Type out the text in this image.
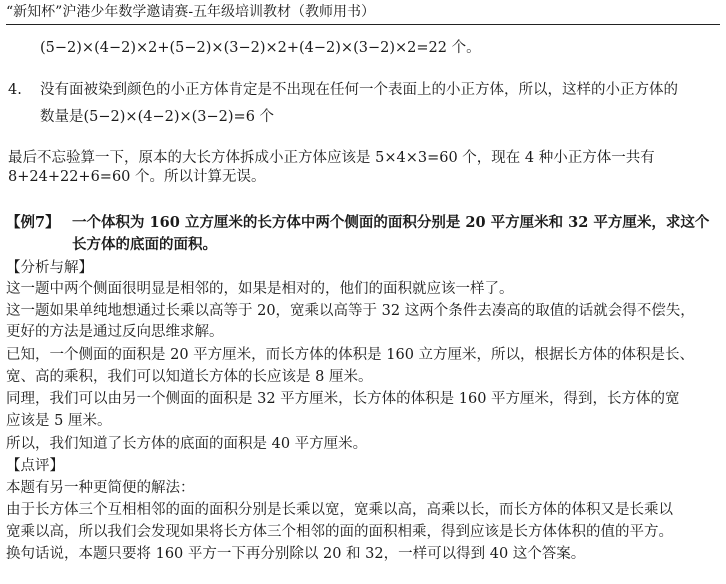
“新知杯”沪港少年数学邀请赛-五年级培训教材（教师用书）
(5−2)×(4−2)×2+(5−2)×(3−2)×2+(4−2)×(3−2)×2=22 个。
4. 没有面被染到颜色的小正方体肯定是不出现在任何一个表面上的小正方体，所以，这样的小正方体的
数量是(5−2)×(4−2)×(3−2)=6 个
最后不忘验算一下，原本的大长方体拆成小正方体应该是 5×4×3=60 个，现在 4 种小正方体一共有
8+24+22+6=60 个。所以计算无误。
【例7】 一个体积为 160 立方厘米的长方体中两个侧面的面积分别是 20 平方厘米和 32 平方厘米，求这个
长方体的底面的面积。
【分析与解】
这一题中两个侧面很明显是相邻的，如果是相对的，他们的面积就应该一样了。
这一题如果单纯地想通过长乘以高等于 20，宽乘以高等于 32 这两个条件去凑高的取值的话就会得不偿失，
更好的方法是通过反向思维求解。
已知，一个侧面的面积是 20 平方厘米，而长方体的体积是 160 立方厘米，所以，根据长方体的体积是长、
宽、高的乘积，我们可以知道长方体的长应该是 8 厘米。
同理，我们可以由另一个侧面的面积是 32 平方厘米，长方体的体积是 160 平方厘米，得到，长方体的宽
应该是 5 厘米。
所以，我们知道了长方体的底面的面积是 40 平方厘米。
【点评】
本题有另一种更简便的解法：
由于长方体三个互相相邻的面的面积分别是长乘以宽，宽乘以高，高乘以长，而长方体的体积又是长乘以
宽乘以高，所以我们会发现如果将长方体三个相邻的面的面积相乘，得到应该是长方体体积的值的平方。
换句话说，本题只要将 160 平方一下再分别除以 20 和 32，一样可以得到 40 这个答案。
